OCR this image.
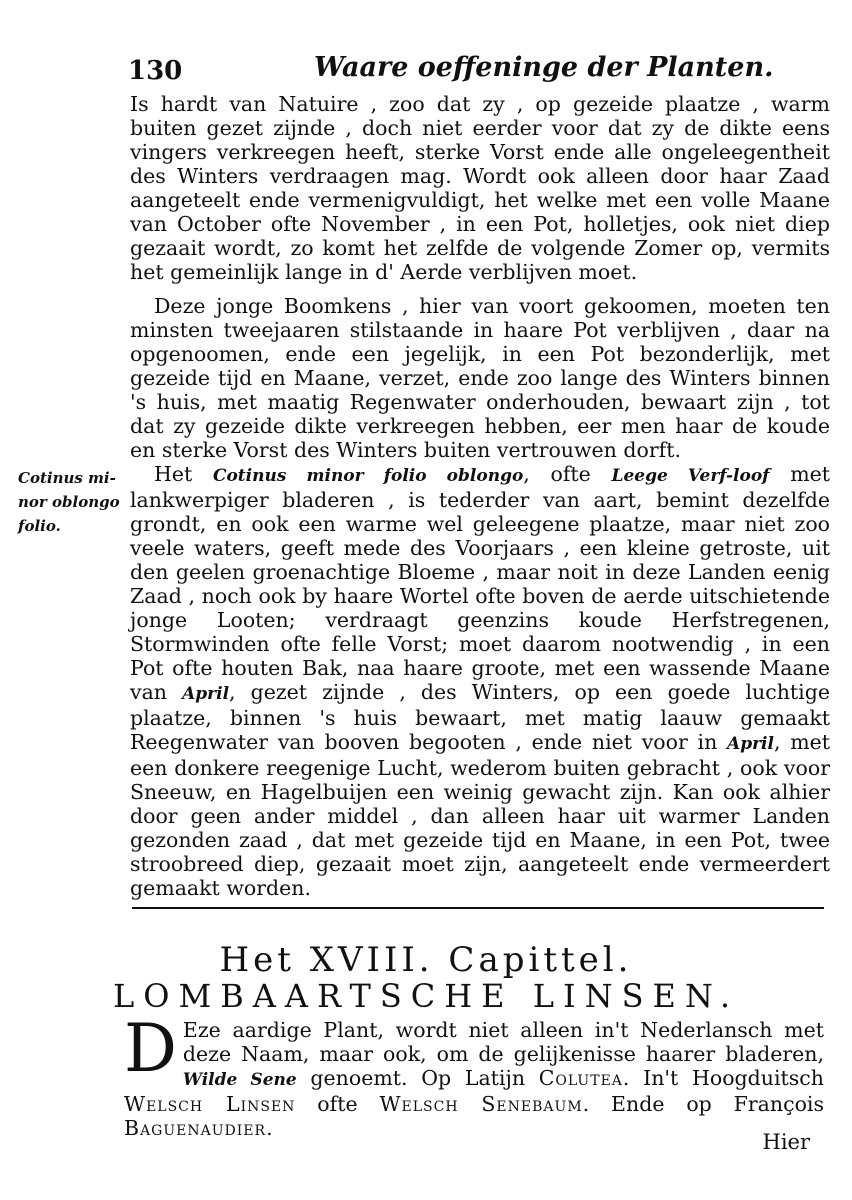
130	Waare oeffeninge der Planten.
Cotinus mi-
nor oblongo
folio.

Is hardt van Natuire , zoo dat zy , op gezeide plaatze , warm buiten gezet zijnde , doch niet eerder voor dat zy de dikte eens vingers verkreegen heeft, sterke Vorst ende alle ongeleegentheit des Winters verdraagen mag. Wordt ook alleen door haar Zaad aangeteelt ende vermenigvuldigt, het welke met een volle Maane van October ofte November , in een Pot, holletjes, ook niet diep gezaait wordt, zo komt het zelfde de volgende Zomer op, vermits het gemeinlijk lange in d' Aerde verblijven moet.

Deze jonge Boomkens , hier van voort gekoomen, moeten ten minsten tweejaaren stilstaande in haare Pot verblijven , daar na opgenoomen, ende een jegelijk, in een Pot bezonderlijk, met gezeide tijd en Maane, verzet, ende zoo lange des Winters binnen 's huis, met maatig Regenwater onderhouden, bewaart zijn , tot dat zy gezeide dikte verkreegen hebben, eer men haar de koude en sterke Vorst des Winters buiten vertrouwen dorft.

Het Cotinus minor folio oblongo, ofte Leege Verf-loof met lankwerpiger bladeren , is tederder van aart, bemint dezelfde grondt, en ook een warme wel geleegene plaatze, maar niet zoo veele waters, geeft mede des Voorjaars , een kleine getroste, uit den geelen groenachtige Bloeme , maar noit in deze Landen eenig Zaad , noch ook by haare Wortel ofte boven de aerde uitschietende jonge Looten; verdraagt geenzins koude Herfstregenen, Stormwinden ofte felle Vorst; moet daarom nootwendig , in een Pot ofte houten Bak, naa haare groote, met een wassende Maane van April, gezet zijnde , des Winters, op een goede luchtige plaatze, binnen 's huis bewaart, met matig laauw gemaakt Reegenwater van booven begooten , ende niet voor in April, met een donkere reegenige Lucht, wederom buiten gebracht , ook voor Sneeuw, en Hagelbuijen een weinig gewacht zijn. Kan ook alhier door geen ander middel , dan alleen haar uit warmer Landen gezonden zaad , dat met gezeide tijd en Maane, in een Pot, twee stroobreed diep, gezaait moet zijn, aangeteelt ende vermeerdert gemaakt worden.

Het XVIII. Capittel.
LOMBAARTSCHE LINSEN.
D Eze aardige Plant, wordt niet alleen in't Nederlansch met deze Naam, maar ook, om de gelijkenisse haarer bladeren, Wilde Sene genoemt. Op Latijn Colutea. In't Hoogduitsch Welsch Linsen ofte Welsch Senebaum. Ende op François Baguenaudier.

Hier
